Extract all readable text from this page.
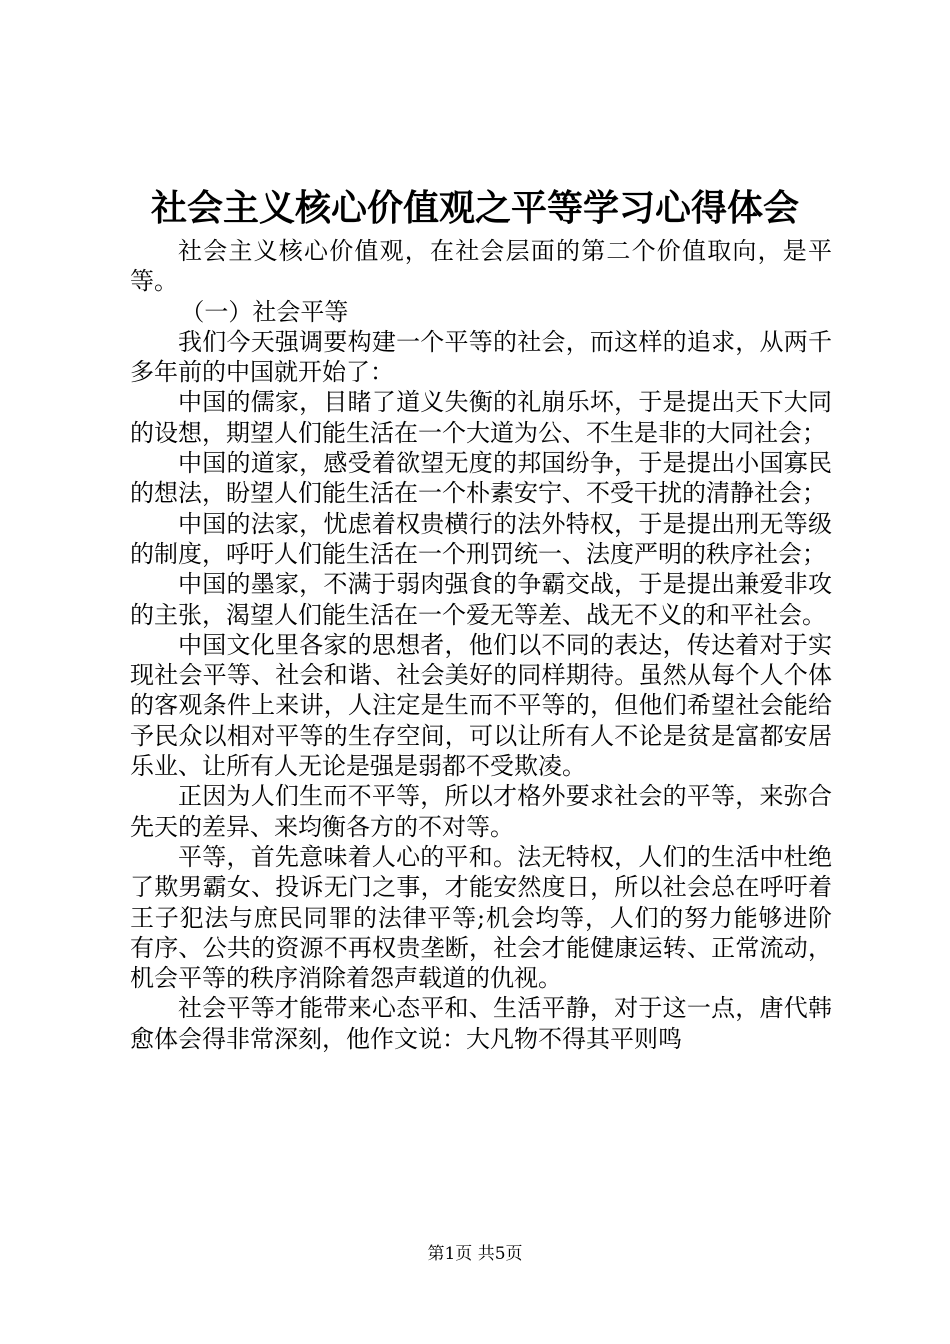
社会主义核心价值观之平等学习心得体会

社会主义核心价值观，在社会层面的第二个价值取向，是平等。

（一）社会平等

我们今天强调要构建一个平等的社会，而这样的追求，从两千多年前的中国就开始了：

中国的儒家，目睹了道义失衡的礼崩乐坏，于是提出天下大同的设想，期望人们能生活在一个大道为公、不生是非的大同社会；

中国的道家，感受着欲望无度的邦国纷争，于是提出小国寡民的想法，盼望人们能生活在一个朴素安宁、不受干扰的清静社会；

中国的法家，忧虑着权贵横行的法外特权，于是提出刑无等级的制度，呼吁人们能生活在一个刑罚统一、法度严明的秩序社会；

中国的墨家，不满于弱肉强食的争霸交战，于是提出兼爱非攻的主张，渴望人们能生活在一个爱无等差、战无不义的和平社会。

中国文化里各家的思想者，他们以不同的表达，传达着对于实现社会平等、社会和谐、社会美好的同样期待。虽然从每个人个体的客观条件上来讲，人注定是生而不平等的，但他们希望社会能给予民众以相对平等的生存空间，可以让所有人不论是贫是富都安居乐业、让所有人无论是强是弱都不受欺凌。

正因为人们生而不平等，所以才格外要求社会的平等，来弥合先天的差异、来均衡各方的不对等。

平等，首先意味着人心的平和。法无特权，人们的生活中杜绝了欺男霸女、投诉无门之事，才能安然度日，所以社会总在呼吁着王子犯法与庶民同罪的法律平等;机会均等，人们的努力能够进阶有序、公共的资源不再权贵垄断，社会才能健康运转、正常流动，机会平等的秩序消除着怨声载道的仇视。

社会平等才能带来心态平和、生活平静，对于这一点，唐代韩愈体会得非常深刻，他作文说：大凡物不得其平则鸣

第1页 共5页
